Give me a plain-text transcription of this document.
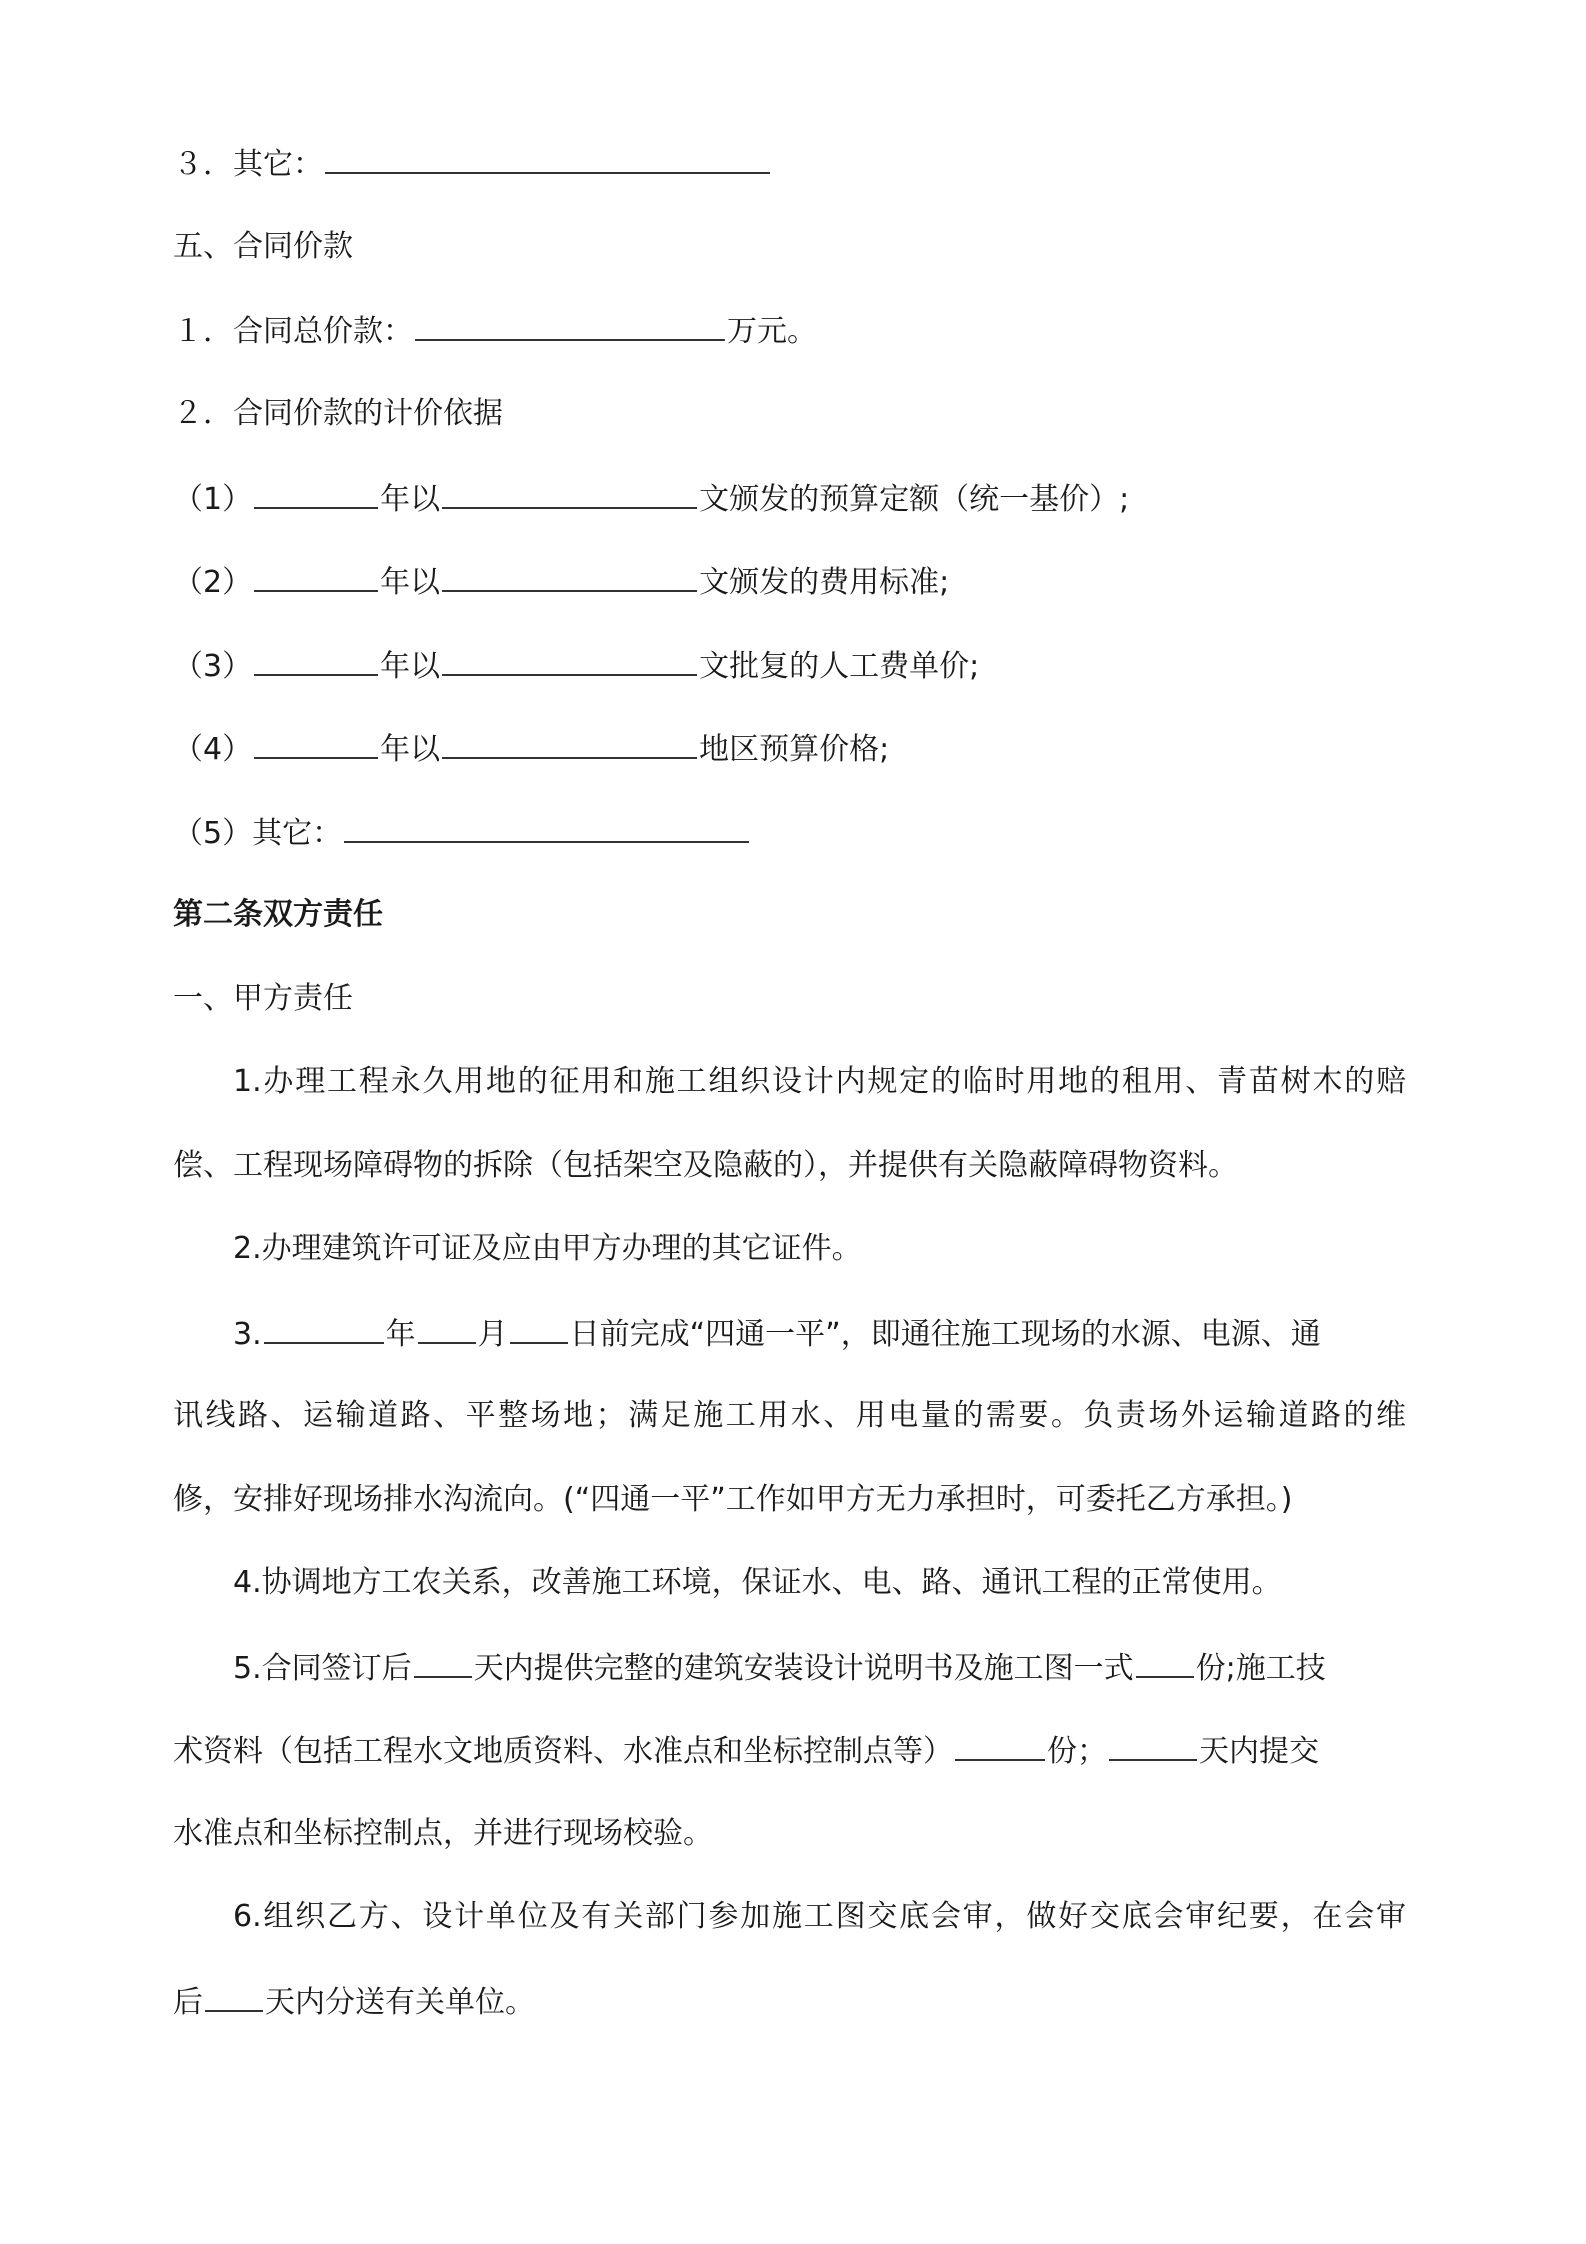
３．其它：
五、合同价款
１．合同总价款：	万元。
２．合同价款的计价依据
（1）	年以	文颁发的预算定额（统一基价）;
（2）	年以	文颁发的费用标准;
（3）	年以	文批复的人工费单价;
（4）	年以	地区预算价格;
（5）其它：
第二条双方责任
一、甲方责任
1.办理工程永久用地的征用和施工组织设计内规定的临时用地的租用、青苗树木的赔
偿、工程现场障碍物的拆除（包括架空及隐蔽的），并提供有关隐蔽障碍物资料。
2.办理建筑许可证及应由甲方办理的其它证件。
3.	年 月 日前完成“四通一平”，即通往施工现场的水源、电源、通
讯线路、运输道路、平整场地；满足施工用水、用电量的需要。负责场外运输道路的维
修，安排好现场排水沟流向。(“四通一平”工作如甲方无力承担时，可委托乙方承担。)
4.协调地方工农关系，改善施工环境，保证水、电、路、通讯工程的正常使用。
5.合同签订后 天内提供完整的建筑安装设计说明书及施工图一式 份;施工技
术资料（包括工程水文地质资料、水准点和坐标控制点等）	份；	天内提交
水准点和坐标控制点，并进行现场校验。
6.组织乙方、设计单位及有关部门参加施工图交底会审，做好交底会审纪要，在会审
后 天内分送有关单位。
